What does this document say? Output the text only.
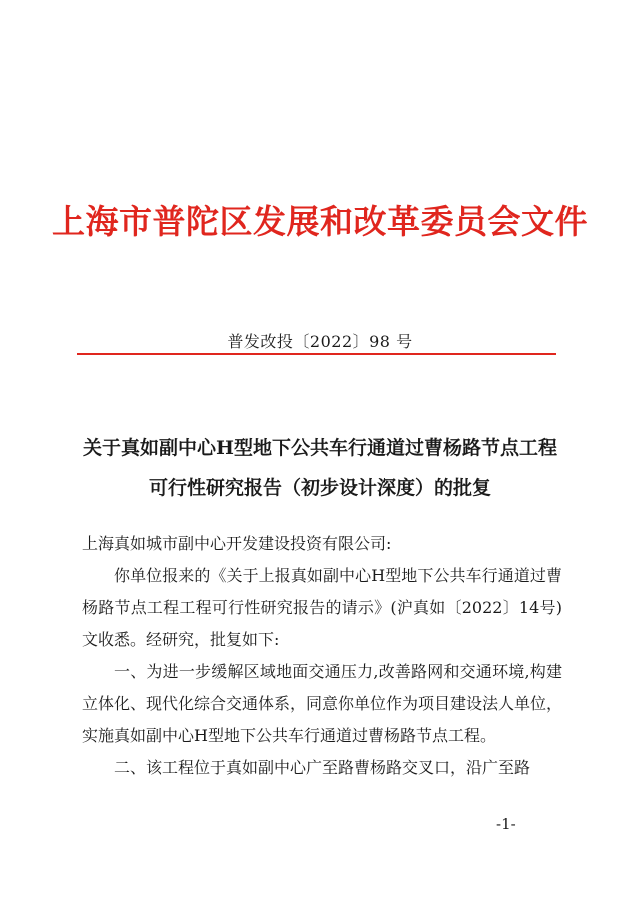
上海市普陀区发展和改革委员会文件
普发改投〔2022〕98 号
关于真如副中心H型地下公共车行通道过曹杨路节点工程
可行性研究报告（初步设计深度）的批复

上海真如城市副中心开发建设投资有限公司:

你单位报来的《关于上报真如副中心H型地下公共车行通道过曹杨路节点工程工程可行性研究报告的请示》(沪真如〔2022〕14号)文收悉。经研究，批复如下:

一、为进一步缓解区域地面交通压力,改善路网和交通环境,构建立体化、现代化综合交通体系，同意你单位作为项目建设法人单位，实施真如副中心H型地下公共车行通道过曹杨路节点工程。

二、该工程位于真如副中心广至路曹杨路交叉口，沿广至路

-1-
